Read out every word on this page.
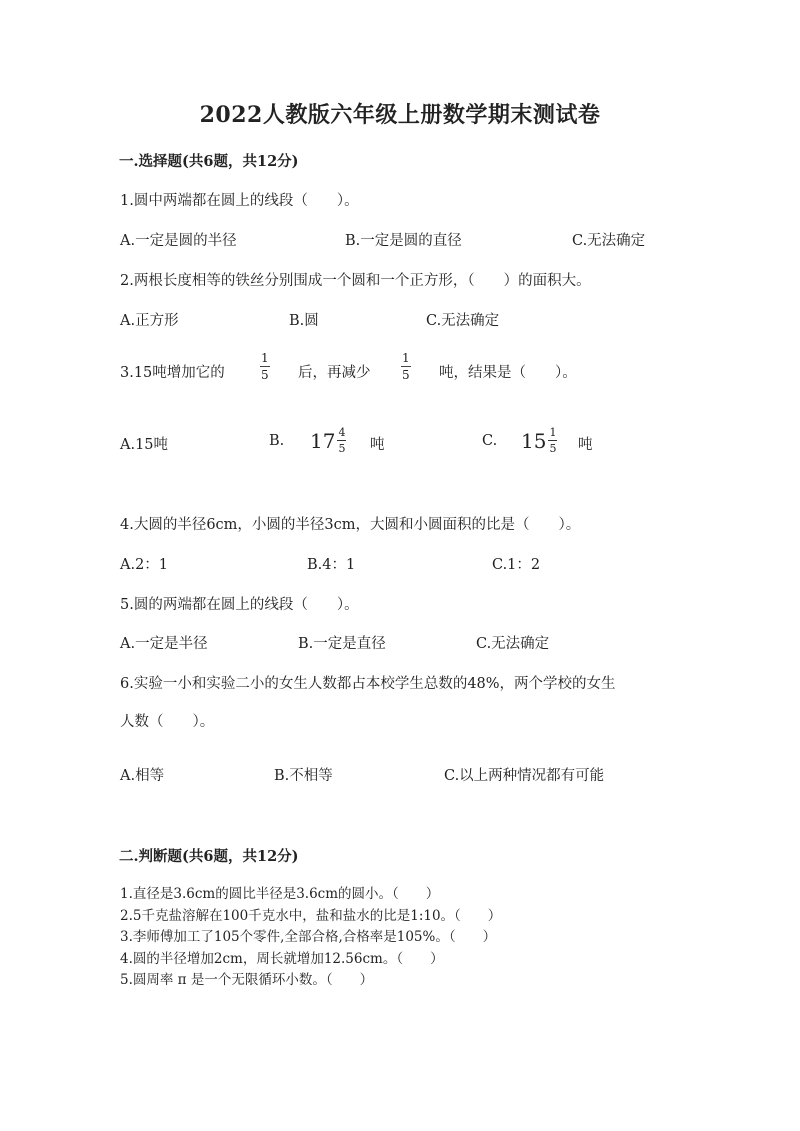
2022人教版六年级上册数学期末测试卷
一.选择题(共6题，共12分)
1.圆中两端都在圆上的线段（　　）。
A.一定是圆的半径	B.一定是圆的直径	C.无法确定
2.两根长度相等的铁丝分别围成一个圆和一个正方形，（　　）的面积大。
A.正方形	B.圆	C.无法确定
3.15吨增加它的	$\frac{1}{5}$ 后，再减少	$\frac{1}{5}$ 吨，结果是（　　）。
A.15吨	B. $17 \frac{4}{5}$ 吨	C. $15 \frac{1}{5}$ 吨
4.大圆的半径6cm，小圆的半径3cm，大圆和小圆面积的比是（　　）。
A.2：1	B.4：1	C.1：2
5.圆的两端都在圆上的线段（　　）。
A.一定是半径	B.一定是直径	C.无法确定
6.实验一小和实验二小的女生人数都占本校学生总数的48%，两个学校的女生
人数（　　）。
A.相等	B.不相等	C.以上两种情况都有可能
二.判断题(共6题，共12分)
1.直径是3.6cm的圆比半径是3.6cm的圆小。（　　）
2.5千克盐溶解在100千克水中，盐和盐水的比是1:10。（　　）
3.李师傅加工了105个零件,全部合格,合格率是105%。（　　）
4.圆的半径增加2cm，周长就增加12.56cm。（　　）
5.圆周率 π 是一个无限循环小数。（　　）
